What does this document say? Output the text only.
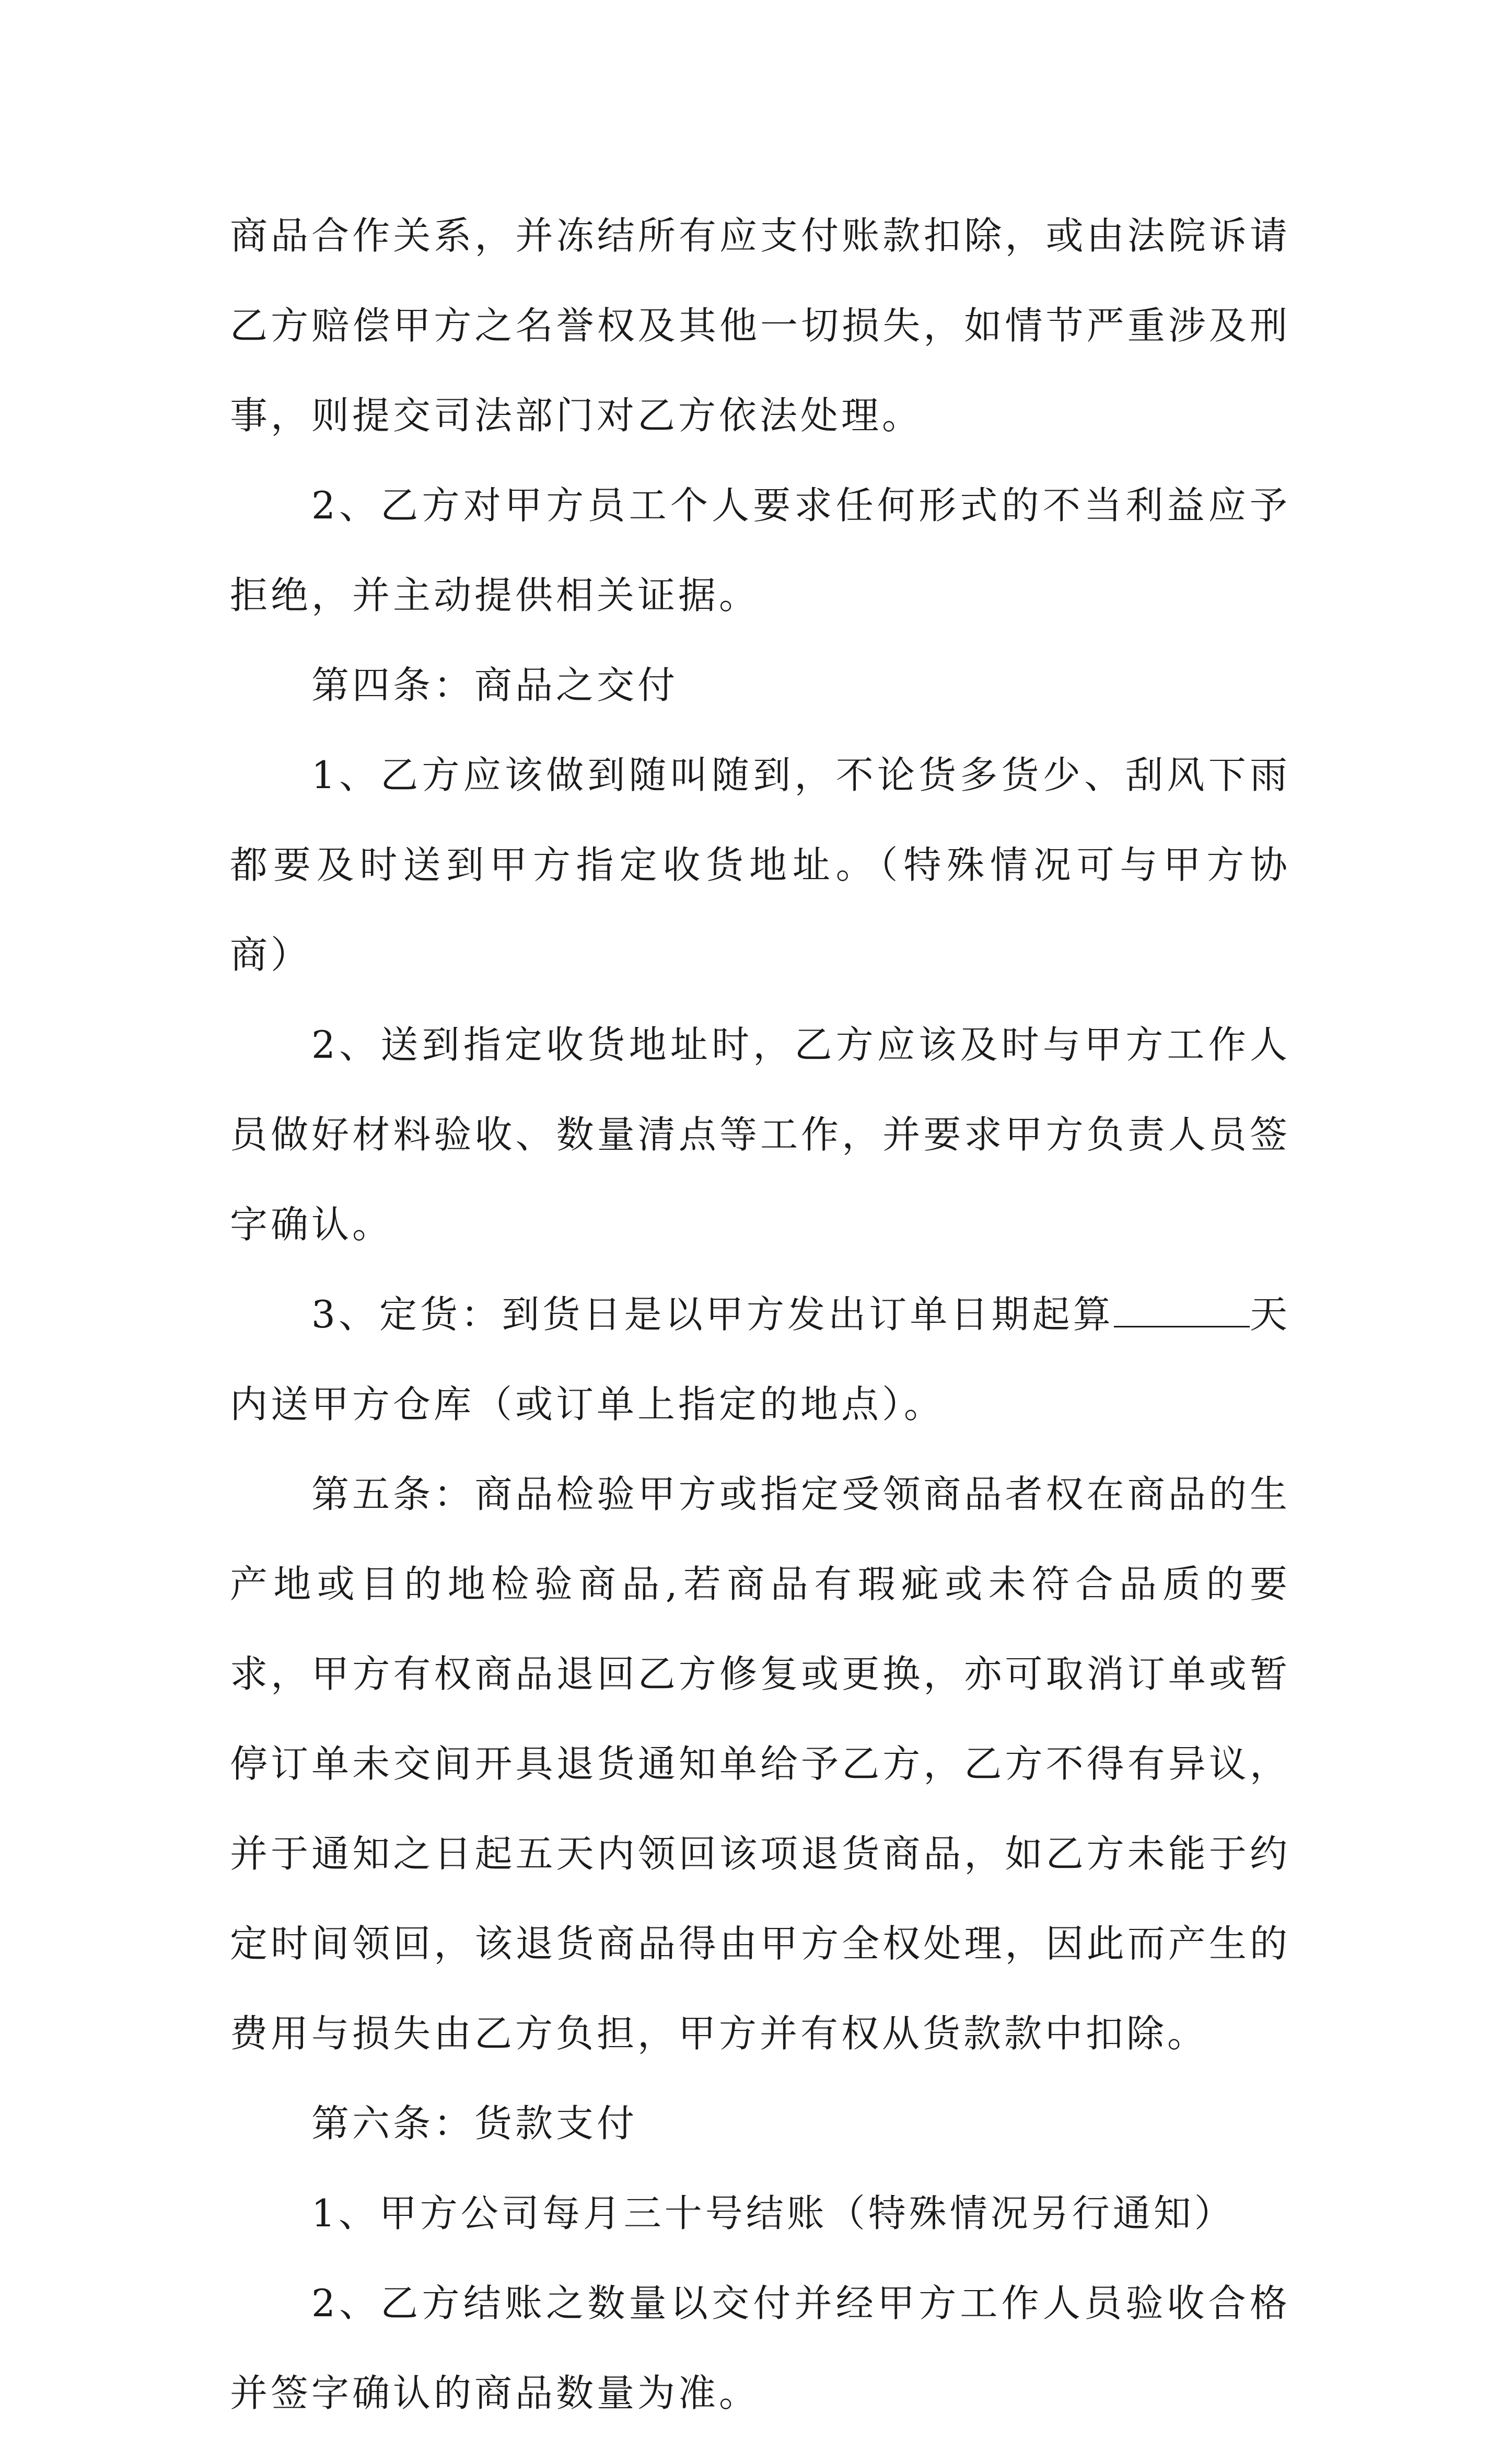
商品合作关系，并冻结所有应支付账款扣除，或由法院诉请乙方赔偿甲方之名誉权及其他一切损失，如情节严重涉及刑事，则提交司法部门对乙方依法处理。

2、乙方对甲方员工个人要求任何形式的不当利益应予拒绝，并主动提供相关证据。

第四条：商品之交付

1、乙方应该做到随叫随到，不论货多货少、刮风下雨都要及时送到甲方指定收货地址。（特殊情况可与甲方协商）

2、送到指定收货地址时，乙方应该及时与甲方工作人员做好材料验收、数量清点等工作，并要求甲方负责人员签字确认。

3、定货：到货日是以甲方发出订单日期起算	天内送甲方仓库（或订单上指定的地点）。

第五条：商品检验甲方或指定受领商品者权在商品的生产地或目的地检验商品,若商品有瑕疵或未符合品质的要求，甲方有权商品退回乙方修复或更换，亦可取消订单或暂停订单未交间开具退货通知单给予乙方，乙方不得有异议，并于通知之日起五天内领回该项退货商品，如乙方未能于约定时间领回，该退货商品得由甲方全权处理，因此而产生的费用与损失由乙方负担，甲方并有权从货款款中扣除。

第六条：货款支付

1、甲方公司每月三十号结账（特殊情况另行通知）

2、乙方结账之数量以交付并经甲方工作人员验收合格并签字确认的商品数量为准。
